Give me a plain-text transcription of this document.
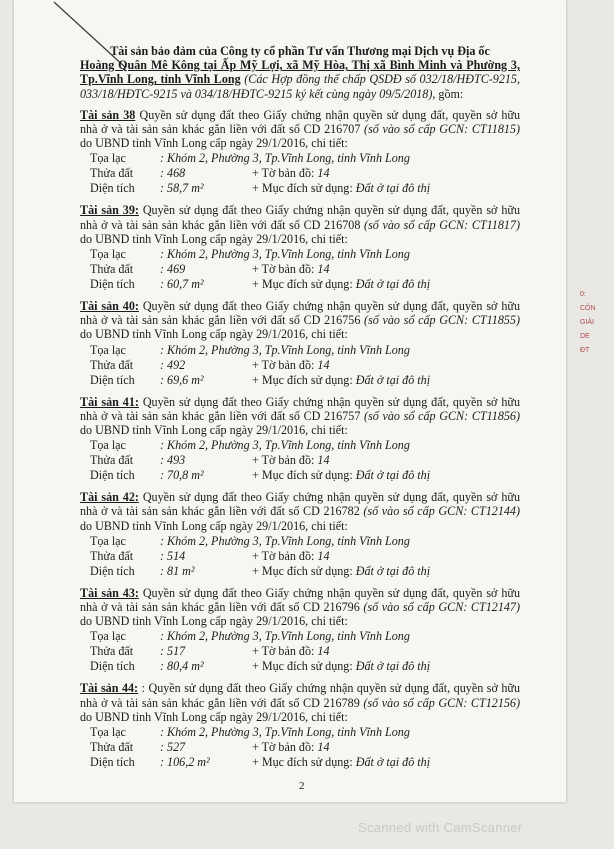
Tài sản bảo đảm của Công ty cổ phần Tư vấn Thương mại Dịch vụ Địa ốc
Hoàng Quân Mê Kông tại Ấp Mỹ Lợi, xã Mỹ Hòa, Thị xã Bình Minh và Phường 3, Tp.Vĩnh Long, tỉnh Vĩnh Long (Các Hợp đồng thế chấp QSDĐ số 032/18/HĐTC-9215, 033/18/HĐTC-9215 và 034/18/HĐTC-9215 ký kết cùng ngày 09/5/2018), gồm:
Tài sản 38 Quyền sử dụng đất theo Giấy chứng nhận quyền sử dụng đất, quyền sở hữu nhà ở và tài sản sản khác gắn liền với đất số CD 216707 (số vào sổ cấp GCN: CT11815) do UBND tỉnh Vĩnh Long cấp ngày 29/1/2016, chi tiết:
Tọa lạc	: Khóm 2, Phường 3, Tp.Vĩnh Long, tỉnh Vĩnh Long
Thửa đất	: 468	+ Tờ bản đồ: 14
Diện tích	: 58,7 m²	+ Mục đích sử dụng: Đất ở tại đô thị
Tài sản 39: Quyền sử dụng đất theo Giấy chứng nhận quyền sử dụng đất, quyền sở hữu nhà ở và tài sản sản khác gắn liền với đất số CD 216708 (số vào sổ cấp GCN: CT11817) do UBND tỉnh Vĩnh Long cấp ngày 29/1/2016, chi tiết:
Tọa lạc	: Khóm 2, Phường 3, Tp.Vĩnh Long, tỉnh Vĩnh Long
Thửa đất	: 469	+ Tờ bản đồ: 14
Diện tích	: 60,7 m²	+ Mục đích sử dụng: Đất ở tại đô thị
Tài sản 40: Quyền sử dụng đất theo Giấy chứng nhận quyền sử dụng đất, quyền sở hữu nhà ở và tài sản sản khác gắn liền với đất số CD 216756 (số vào sổ cấp GCN: CT11855) do UBND tỉnh Vĩnh Long cấp ngày 29/1/2016, chi tiết:
Tọa lạc	: Khóm 2, Phường 3, Tp.Vĩnh Long, tỉnh Vĩnh Long
Thửa đất	: 492	+ Tờ bản đồ: 14
Diện tích	: 69,6 m²	+ Mục đích sử dụng: Đất ở tại đô thị
Tài sản 41: Quyền sử dụng đất theo Giấy chứng nhận quyền sử dụng đất, quyền sở hữu nhà ở và tài sản sản khác gắn liền với đất số CD 216757 (số vào sổ cấp GCN: CT11856) do UBND tỉnh Vĩnh Long cấp ngày 29/1/2016, chi tiết:
Tọa lạc	: Khóm 2, Phường 3, Tp.Vĩnh Long, tỉnh Vĩnh Long
Thửa đất	: 493	+ Tờ bản đồ: 14
Diện tích	: 70,8 m²	+ Mục đích sử dụng: Đất ở tại đô thị
Tài sản 42: Quyền sử dụng đất theo Giấy chứng nhận quyền sử dụng đất, quyền sở hữu nhà ở và tài sản sản khác gắn liền với đất số CD 216782 (số vào sổ cấp GCN: CT12144) do UBND tỉnh Vĩnh Long cấp ngày 29/1/2016, chi tiết:
Tọa lạc	: Khóm 2, Phường 3, Tp.Vĩnh Long, tỉnh Vĩnh Long
Thửa đất	: 514	+ Tờ bản đồ: 14
Diện tích	: 81 m²	+ Mục đích sử dụng: Đất ở tại đô thị
Tài sản 43: Quyền sử dụng đất theo Giấy chứng nhận quyền sử dụng đất, quyền sở hữu nhà ở và tài sản sản khác gắn liền với đất số CD 216796 (số vào sổ cấp GCN: CT12147) do UBND tỉnh Vĩnh Long cấp ngày 29/1/2016, chi tiết:
Tọa lạc	: Khóm 2, Phường 3, Tp.Vĩnh Long, tỉnh Vĩnh Long
Thửa đất	: 517	+ Tờ bản đồ: 14
Diện tích	: 80,4 m²	+ Mục đích sử dụng: Đất ở tại đô thị
Tài sản 44: : Quyền sử dụng đất theo Giấy chứng nhận quyền sử dụng đất, quyền sở hữu nhà ở và tài sản sản khác gắn liền với đất số CD 216789 (số vào sổ cấp GCN: CT12156) do UBND tỉnh Vĩnh Long cấp ngày 29/1/2016, chi tiết:
Tọa lạc	: Khóm 2, Phường 3, Tp.Vĩnh Long, tỉnh Vĩnh Long
Thửa đất	: 527	+ Tờ bản đồ: 14
Diện tích	: 106,2 m²	+ Mục đích sử dụng: Đất ở tại đô thị
2
0:
CÔN
GIẢI
DE
ĐT
Scanned with CamScanner
